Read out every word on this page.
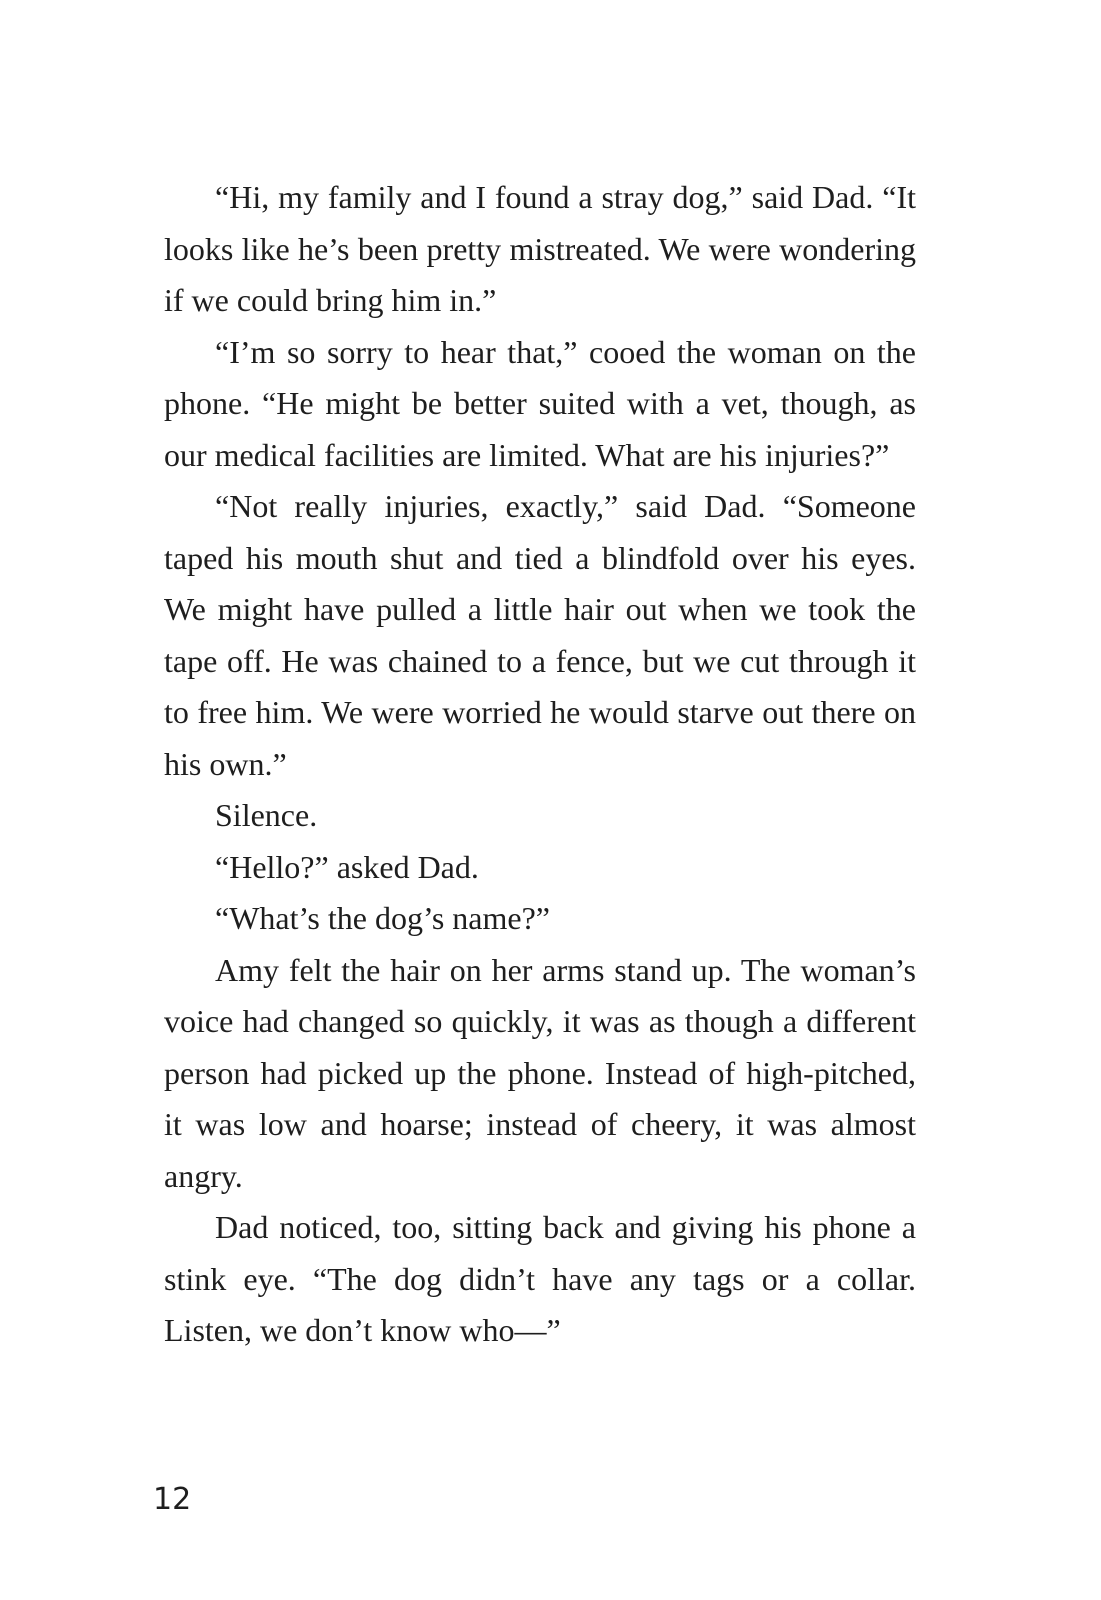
“Hi, my family and I found a stray dog,” said Dad. “It looks like he’s been pretty mistreated. We were wondering if we could bring him in.”

“I’m so sorry to hear that,” cooed the woman on the phone. “He might be better suited with a vet, though, as our medical facilities are limited. What are his injuries?”

“Not really injuries, exactly,” said Dad. “Someone taped his mouth shut and tied a blindfold over his eyes. We might have pulled a little hair out when we took the tape off. He was chained to a fence, but we cut through it to free him. We were worried he would starve out there on his own.”

Silence.

“Hello?” asked Dad.

“What’s the dog’s name?”

Amy felt the hair on her arms stand up. The woman’s voice had changed so quickly, it was as though a different person had picked up the phone. Instead of high-pitched, it was low and hoarse; instead of cheery, it was almost angry.

Dad noticed, too, sitting back and giving his phone a stink eye. “The dog didn’t have any tags or a collar. Listen, we don’t know who—”

12
